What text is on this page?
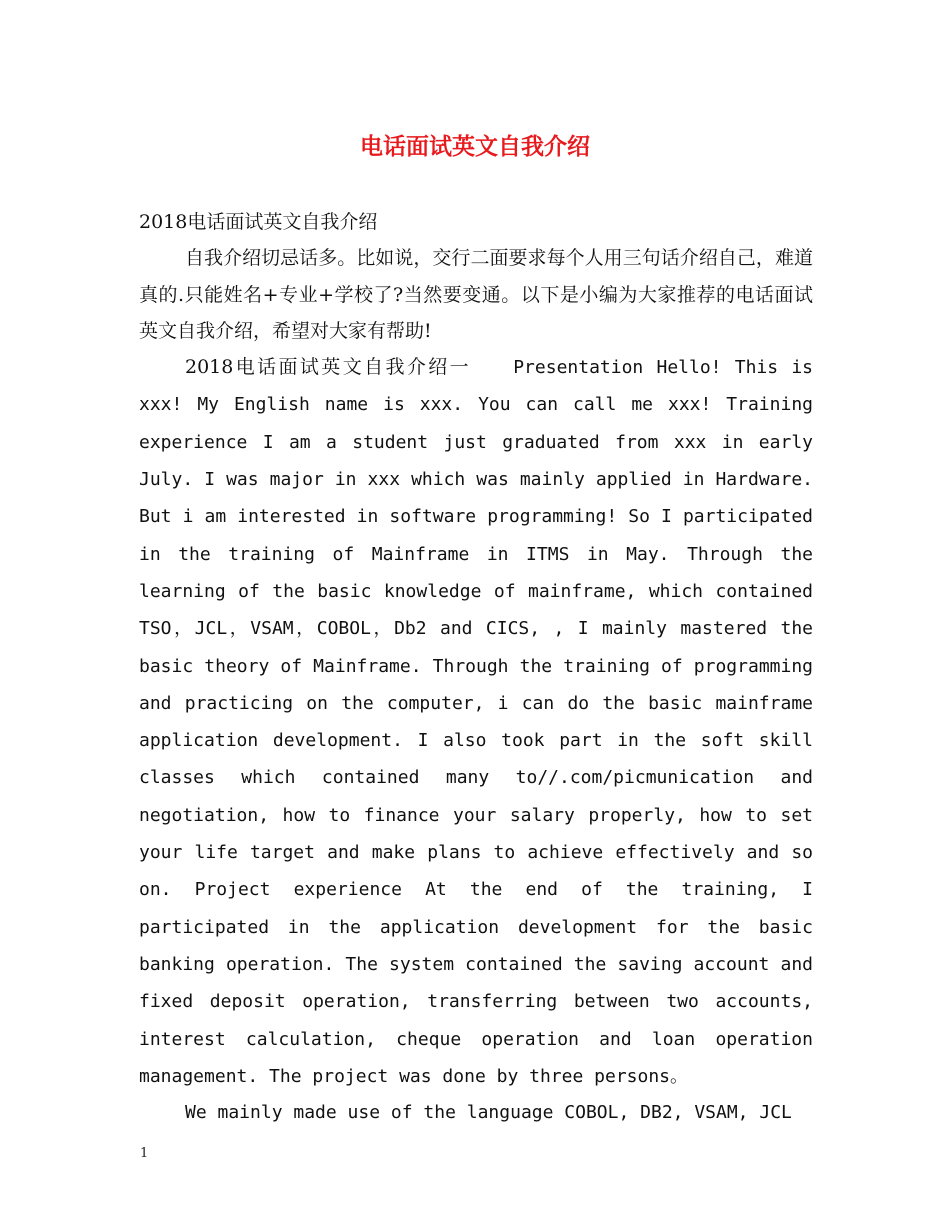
电话面试英文自我介绍

2018电话面试英文自我介绍

自我介绍切忌话多。比如说，交行二面要求每个人用三句话介绍自己，难道真的.只能姓名+专业+学校了?当然要变通。以下是小编为大家推荐的电话面试英文自我介绍，希望对大家有帮助!

2018电话面试英文自我介绍一 Presentation Hello! This is xxx! My English name is xxx. You can call me xxx! Training experience I am a student just graduated from xxx in early July. I was major in xxx which was mainly applied in Hardware. But i am interested in software programming! So I participated in the training of Mainframe in ITMS in May. Through the learning of the basic knowledge of mainframe, which contained TSO，JCL，VSAM，COBOL，Db2 and CICS, , I mainly mastered the basic theory of Mainframe. Through the training of programming and practicing on the computer, i can do the basic mainframe application development. I also took part in the soft skill classes which contained many to//.com/picmunication and negotiation, how to finance your salary properly, how to set your life target and make plans to achieve effectively and so on. Project experience At the end of the training, I participated in the application development for the basic banking operation. The system contained the saving account and fixed deposit operation, transferring between two accounts, interest calculation, cheque operation and loan operation management. The project was done by three persons。

We mainly made use of the language COBOL, DB2, VSAM, JCL

1
